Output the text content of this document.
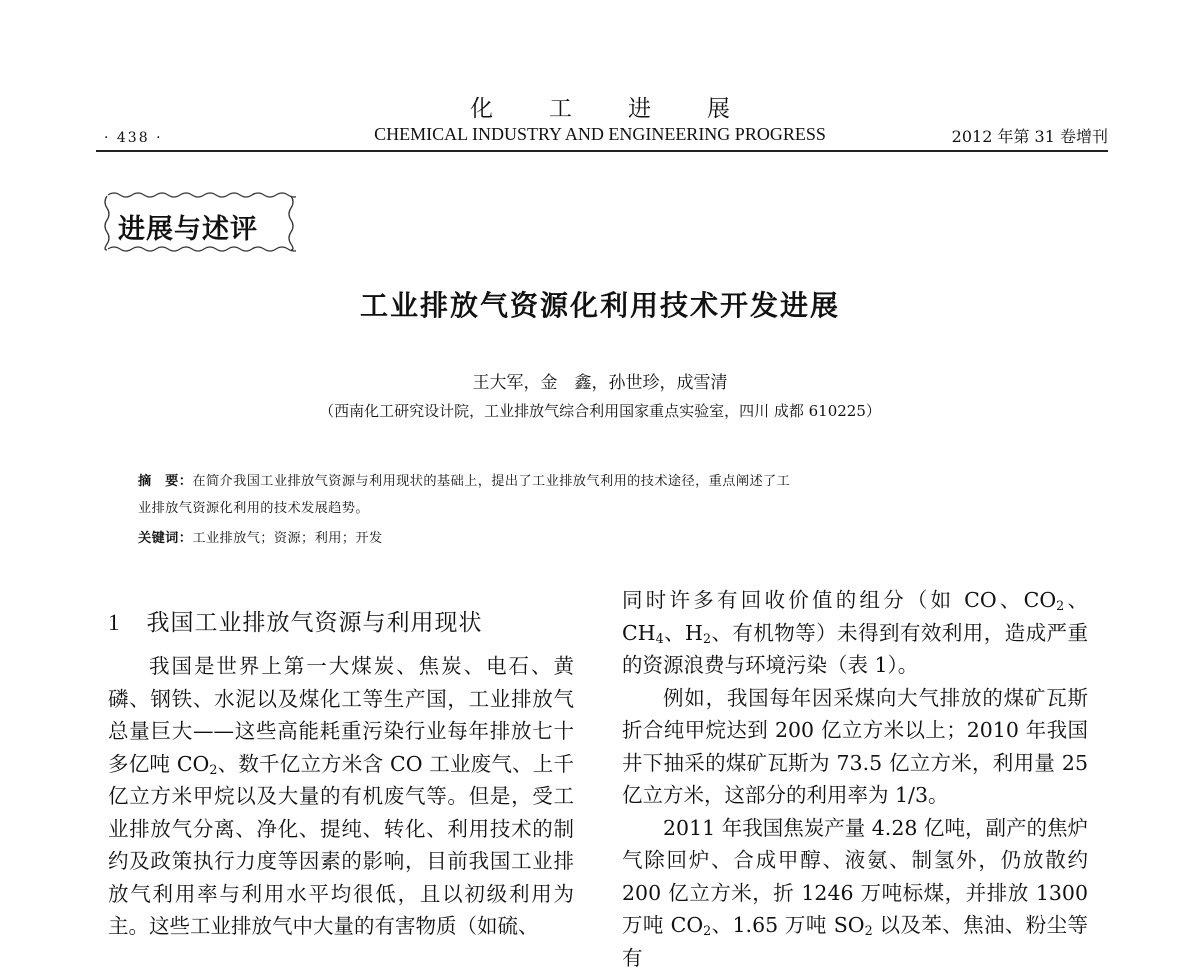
化 工 进 展
· 438 ·	CHEMICAL INDUSTRY AND ENGINEERING PROGRESS	2012 年第 31 卷增刊
进展与述评
工业排放气资源化利用技术开发进展
王大军，金　鑫，孙世珍，成雪清
（西南化工研究设计院，工业排放气综合利用国家重点实验室，四川 成都 610225）
摘　要：在简介我国工业排放气资源与利用现状的基础上，提出了工业排放气利用的技术途径，重点阐述了工
业排放气资源化利用的技术发展趋势。
关键词：工业排放气；资源；利用；开发
1 我国工业排放气资源与利用现状

我国是世界上第一大煤炭、焦炭、电石、黄磷、钢铁、水泥以及煤化工等生产国，工业排放气总量巨大——这些高能耗重污染行业每年排放七十多亿吨 $CO_2$、数千亿立方米含 CO 工业废气、上千亿立方米甲烷以及大量的有机废气等。但是，受工业排放气分离、净化、提纯、转化、利用技术的制约及政策执行力度等因素的影响，目前我国工业排放气利用率与利用水平均很低，且以初级利用为主。这些工业排放气中大量的有害物质（如硫、

同时许多有回收价值的组分（如 CO、$CO_2$、$CH_4$、$H_2$、有机物等）未得到有效利用，造成严重的资源浪费与环境污染（表 1）。

例如，我国每年因采煤向大气排放的煤矿瓦斯折合纯甲烷达到 200 亿立方米以上；2010 年我国井下抽采的煤矿瓦斯为 73.5 亿立方米，利用量 25 亿立方米，这部分的利用率为 1/3。

2011 年我国焦炭产量 4.28 亿吨，副产的焦炉气除回炉、合成甲醇、液氨、制氢外，仍放散约 200 亿立方米，折 1246 万吨标煤，并排放 1300 万吨 $CO_2$、1.65 万吨 $SO_2$ 以及苯、焦油、粉尘等有
